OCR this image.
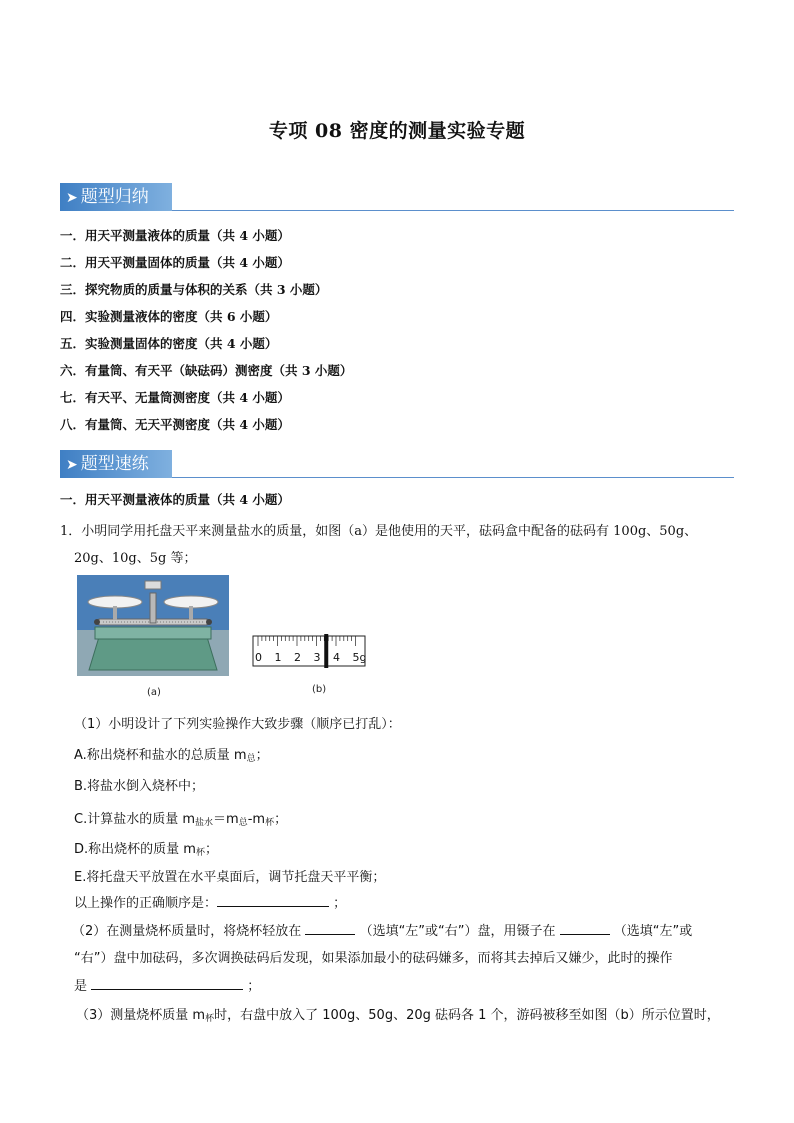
专项 08 密度的测量实验专题
➤ 题型归纳
一．用天平测量液体的质量（共 4 小题）
二．用天平测量固体的质量（共 4 小题）
三．探究物质的质量与体积的关系（共 3 小题）
四．实验测量液体的密度（共 6 小题）
五．实验测量固体的密度（共 4 小题）
六．有量筒、有天平（缺砝码）测密度（共 3 小题）
七．有天平、无量筒测密度（共 4 小题）
八．有量筒、无天平测密度（共 4 小题）
➤ 题型速练
一．用天平测量液体的质量（共 4 小题）
1．小明同学用托盘天平来测量盐水的质量，如图（a）是他使用的天平，砝码盒中配备的砝码有 100g、50g、
20g、10g、5g 等；
(a)
0 1 2 3 4 5g
(b)
（1）小明设计了下列实验操作大致步骤（顺序已打乱）：
A.称出烧杯和盐水的总质量 $m_总$；
B.将盐水倒入烧杯中；
C.计算盐水的质量 $m_{盐水}=m_总-m_杯$；
D.称出烧杯的质量 $m_杯$；
E.将托盘天平放置在水平桌面后，调节托盘天平平衡；
以上操作的正确顺序是：	；
（2）在测量烧杯质量时，将烧杯轻放在	（选填“左”或“右”）盘，用镊子在	（选填“左”或
“右”）盘中加砝码，多次调换砝码后发现，如果添加最小的砝码嫌多，而将其去掉后又嫌少，此时的操作
是	；
（3）测量烧杯质量 $m_杯$时，右盘中放入了 100g、50g、20g 砝码各 1 个，游码被移至如图（b）所示位置时，
